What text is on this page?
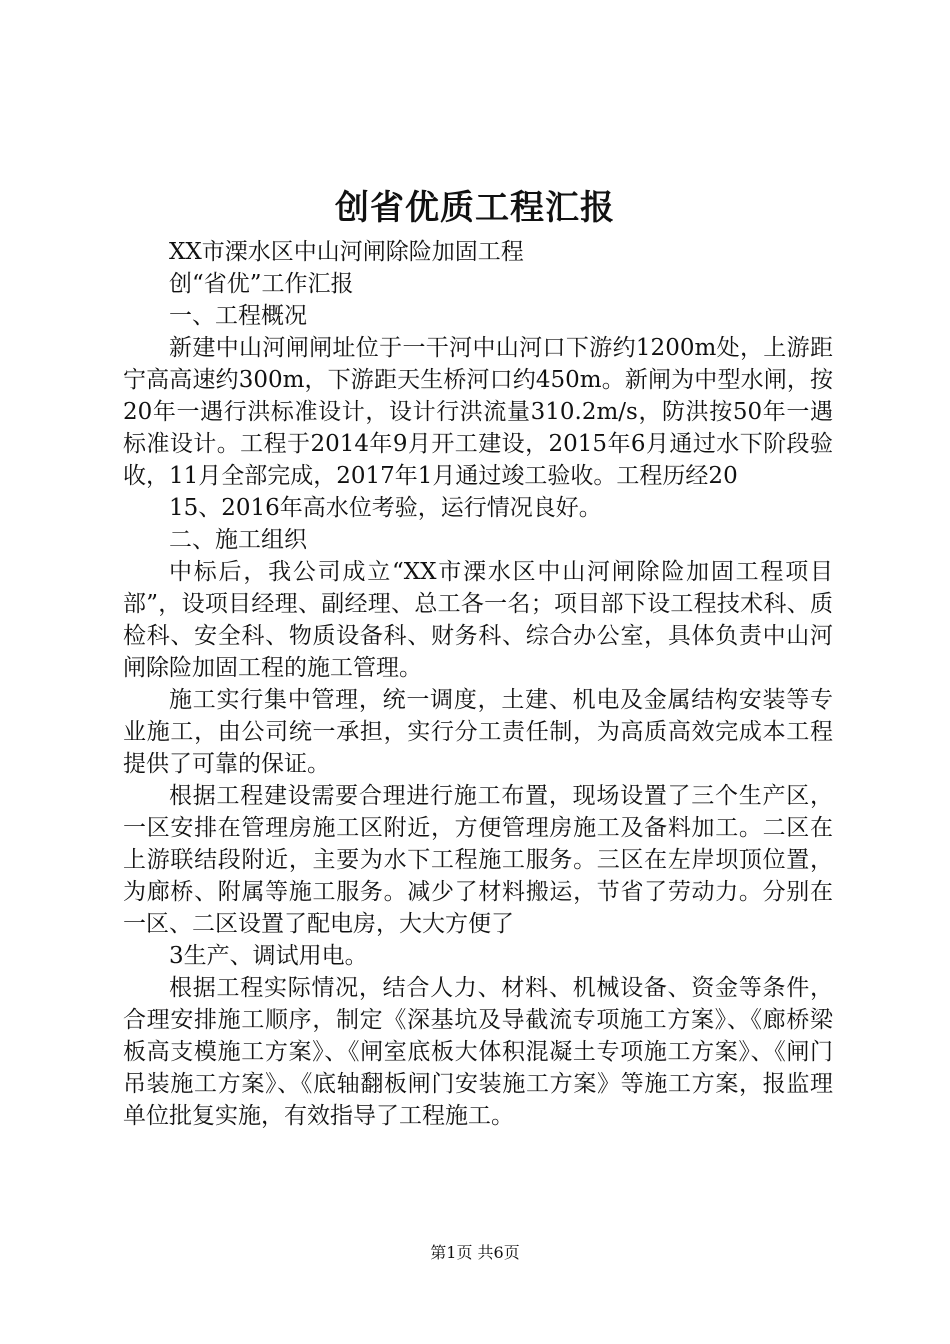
创省优质工程汇报

XX市溧水区中山河闸除险加固工程

创“省优”工作汇报

一、工程概况

新建中山河闸闸址位于一干河中山河口下游约1200m处，上游距宁高高速约300m，下游距天生桥河口约450m。新闸为中型水闸，按20年一遇行洪标准设计，设计行洪流量310.2m/s，防洪按50年一遇标准设计。工程于2014年9月开工建设，2015年6月通过水下阶段验收，11月全部完成，2017年1月通过竣工验收。工程历经20

15、2016年高水位考验，运行情况良好。

二、施工组织

中标后，我公司成立“XX市溧水区中山河闸除险加固工程项目部”，设项目经理、副经理、总工各一名；项目部下设工程技术科、质检科、安全科、物质设备科、财务科、综合办公室，具体负责中山河闸除险加固工程的施工管理。

施工实行集中管理，统一调度，土建、机电及金属结构安装等专业施工，由公司统一承担，实行分工责任制，为高质高效完成本工程提供了可靠的保证。

根据工程建设需要合理进行施工布置，现场设置了三个生产区，一区安排在管理房施工区附近，方便管理房施工及备料加工。二区在上游联结段附近，主要为水下工程施工服务。三区在左岸坝顶位置，为廊桥、附属等施工服务。减少了材料搬运，节省了劳动力。分别在一区、二区设置了配电房，大大方便了

3生产、调试用电。

根据工程实际情况，结合人力、材料、机械设备、资金等条件，合理安排施工顺序，制定《深基坑及导截流专项施工方案》、《廊桥梁板高支模施工方案》、《闸室底板大体积混凝土专项施工方案》、《闸门吊装施工方案》、《底轴翻板闸门安装施工方案》等施工方案，报监理单位批复实施，有效指导了工程施工。

第1页 共6页
